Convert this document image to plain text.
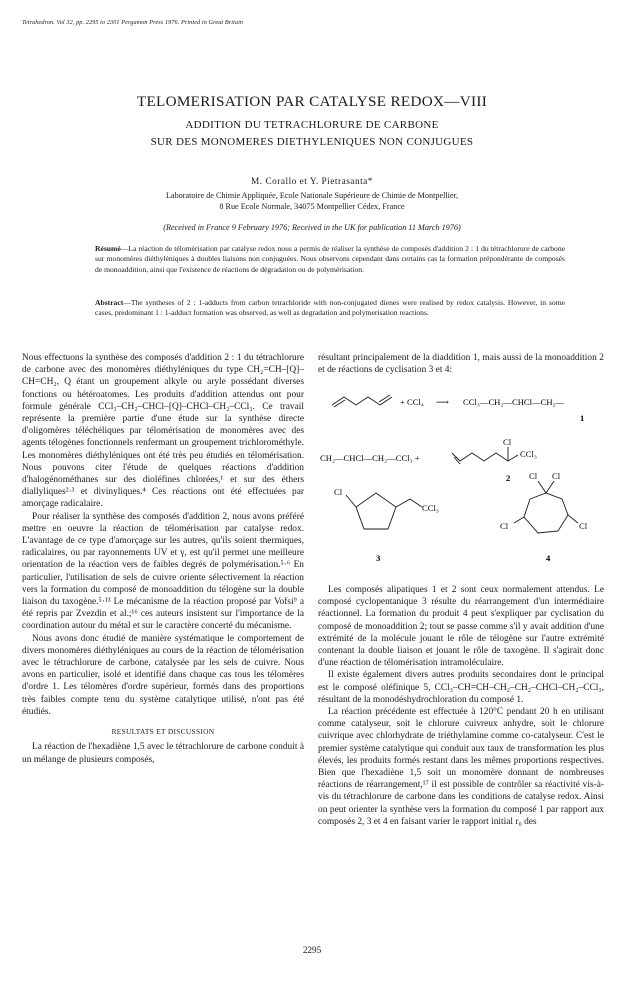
Tetrahedron. Vol 32, pp. 2295 to 2301 Pergamon Press 1976. Printed in Great Britain
TELOMERISATION PAR CATALYSE REDOX—VIII
ADDITION DU TETRACHLORURE DE CARBONE
SUR DES MONOMERES DIETHYLENIQUES NON CONJUGUES
M. Corallo et Y. Pietrasanta*
Laboratoire de Chimie Appliquée, Ecole Nationale Supérieure de Chimie de Montpellier,
8 Rue Ecole Normale, 34075 Montpellier Cédex, France
(Received in France 9 February 1976; Received in the UK for publication 11 March 1976)
Résumé—La réaction de télomérisation par catalyse redox nous a permis de réaliser la synthèse de composés d'addition 2 : 1 du tétrachlorure de carbone sur monomères diéthyléniques à doubles liaisons non conjuguées. Nous observons cependant dans certains cas la formation prépondérante de composés de monoaddition, ainsi que l'existence de réactions de dégradation ou de polymérisation.
Abstract—The syntheses of 2 : 1-adducts from carbon tetrachloride with non-conjugated dienes were realised by redox catalysis. However, in some cases, predominant 1 : 1-adduct formation was observed, as well as degradation and polymerisation reactions.

Nous effectuons la synthèse des composés d'addition 2 : 1 du tétrachlorure de carbone avec des monomères diéthyléniques du type CH₂=CH–[Q]–CH=CH₂, Q étant un groupement alkyle ou aryle possédant diverses fonctions ou hétéroatomes. Les produits d'addition attendus ont pour formule générale CCl₃–CH₂–CHCl–[Q]–CHCl–CH₂–CCl₃. Ce travail représente la première partie d'une étude sur la synthèse directe d'oligomères téléchéliques par télomérisation de monomères avec des agents télogènes fonctionnels renfermant un groupement trichlorométhyle. Les monomères diéthyléniques ont été très peu étudiés en télomérisation. Nous pouvons citer l'étude de quelques réactions d'addition d'halogénométhanes sur des dioléfines chlorées,¹ et sur des éthers diallyliques²·³ et divinyliques.⁴ Ces réactions ont été effectuées par amorçage radicalaire.

Pour réaliser la synthèse des composés d'addition 2, nous avons préféré mettre en oeuvre la réaction de télomérisation par catalyse redox. L'avantage de ce type d'amorçage sur les autres, qu'ils soient thermiques, radicalaires, ou par rayonnements UV et γ, est qu'il permet une meilleure orientation de la réaction vers de faibles degrés de polymérisation.⁵·⁶ En particulier, l'utilisation de sels de cuivre oriente sélectivement la réaction vers la formation du composé de monoaddition du télogène sur la double liaison du taxogène.⁵·¹³ Le mécanisme de la réaction proposé par Vofsi⁹ a été repris par Zvezdin et al.;¹⁶ ces auteurs insistent sur l'importance de la coordination autour du métal et sur le caractère concerté du mécanisme.

Nous avons donc étudié de manière systématique le comportement de divers monomères diéthyléniques au cours de la réaction de télomérisation avec le tétrachlorure de carbone, catalysée par les sels de cuivre. Nous avons en particulier, isolé et identifié dans chaque cas tous les télomères d'ordre 1. Les télomères d'ordre supérieur, formés dans des proportions très faibles compte tenu du système catalytique utilisé, n'ont pas été étudiés.

RESULTATS ET DISCUSSION

La réaction de l'hexadiène 1,5 avec le tétrachlorure de carbone conduit à un mélange de plusieurs composés,

résultant principalement de la diaddition 1, mais aussi de la monoaddition 2 et de réactions de cyclisation 3 et 4:
+ CCl₄ ⟶ CCl₃—CH₂—CHCl—CH₂—
1
CH₂—CHCl—CH₂—CCl₃ +
Cl
CCl₃
2
Cl
CCl₃
3
Cl Cl
Cl	Cl
4

Les composés alipatiques 1 et 2 sont ceux normalement attendus. Le composé cyclopentanique 3 résulte du réarrangement d'un intermédiaire réactionnel. La formation du produit 4 peut s'expliquer par cyclisation du composé de monoaddition 2; tout se passe comme s'il y avait addition d'une extrémité de la molécule jouant le rôle de télogène sur l'autre extrémité contenant la double liaison et jouant le rôle de taxogène. Il s'agirait donc d'une réaction de télomérisation intramoléculaire.

Il existe également divers autres produits secondaires dont le principal est le composé oléfinique 5, CCl₃–CH=CH–CH₂–CH₂–CHCl–CH₂–CCl₃, résultant de la monodéshydrochloration du composé 1.

La réaction précédente est effectuée à 120°C pendant 20 h en utilisant comme catalyseur, soit le chlorure cuivreux anhydre, soit le chlorure cuivrique avec chlorhydrate de triéthylamine comme co-catalyseur. C'est le premier système catalytique qui conduit aux taux de transformation les plus élevés, les produits formés restant dans les mêmes proportions respectives. Bien que l'hexadiène 1,5 soit un monomère donnant de nombreuses réactions de réarrangement,¹⁷ il est possible de contrôler sa réactivité vis-à-vis du tétrachlorure de carbone dans les conditions de catalyse redox. Ainsi on peut orienter la synthèse vers la formation du composé 1 par rapport aux composés 2, 3 et 4 en faisant varier le rapport initial r₀ des

2295
